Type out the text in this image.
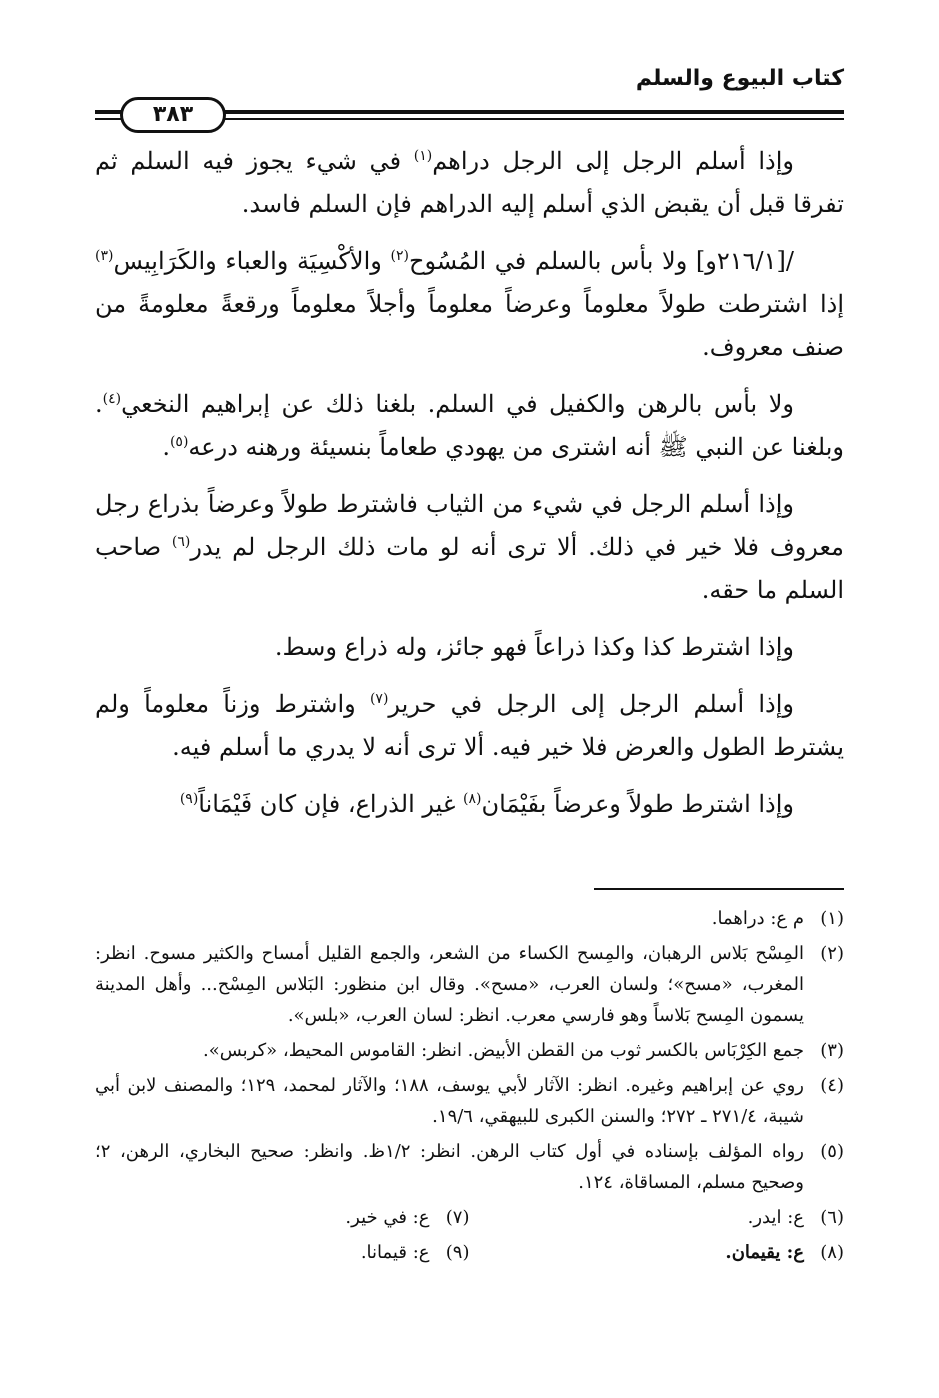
كتاب البيوع والسلم
٣٨٣

وإذا أسلم الرجل إلى الرجل دراهم$^{(١)}$ في شيء يجوز فيه السلم ثم تفرقا قبل أن يقبض الذي أسلم إليه الدراهم فإن السلم فاسد.

/[٢١٦/١و] ولا بأس بالسلم في المُسُوح$^{(٢)}$ والأكْسِيَة والعباء والكَرَابِيس$^{(٣)}$ إذا اشترطت طولاً معلوماً وعرضاً معلوماً وأجلاً معلوماً ورقعةً معلومةً من صنف معروف.

ولا بأس بالرهن والكفيل في السلم. بلغنا ذلك عن إبراهيم النخعي$^{(٤)}$. وبلغنا عن النبي ﷺ أنه اشترى من يهودي طعاماً بنسيئة ورهنه درعه$^{(٥)}$.

وإذا أسلم الرجل في شيء من الثياب فاشترط طولاً وعرضاً بذراع رجل معروف فلا خير في ذلك. ألا ترى أنه لو مات ذلك الرجل لم يدر$^{(٦)}$ صاحب السلم ما حقه.

وإذا اشترط كذا وكذا ذراعاً فهو جائز، وله ذراع وسط.

وإذا أسلم الرجل إلى الرجل في حرير$^{(٧)}$ واشترط وزناً معلوماً ولم يشترط الطول والعرض فلا خير فيه. ألا ترى أنه لا يدري ما أسلم فيه.

وإذا اشترط طولاً وعرضاً بفَيْمَان$^{(٨)}$ غير الذراع، فإن كان فَيْمَاناً$^{(٩)}$

(١)
م ع: دراهما.
(٢)
المِسْح بَلاس الرهبان، والمِسح الكساء من الشعر، والجمع القليل أمساح والكثير مسوح. انظر: المغرب، «مسح»؛ ولسان العرب، «مسح». وقال ابن منظور: البَلاس المِسْح... وأهل المدينة يسمون المِسح بَلاساً وهو فارسي معرب. انظر: لسان العرب، «بلس».
(٣)
جمع الكِرْبَاس بالكسر ثوب من القطن الأبيض. انظر: القاموس المحيط، «كربس».
(٤)
روي عن إبراهيم وغيره. انظر: الآثار لأبي يوسف، ١٨٨؛ والآثار لمحمد، ١٢٩؛ والمصنف لابن أبي شيبة، ٢٧١/٤ ـ ٢٧٢؛ والسنن الكبرى للبيهقي، ١٩/٦.
(٥)
رواه المؤلف بإسناده في أول كتاب الرهن. انظر: ١/٢ظ. وانظر: صحيح البخاري، الرهن، ٢؛ وصحيح مسلم، المساقاة، ١٢٤.
(٦)
ع: ايدر.
(٧)
ع: في خير.
(٨)
ع: يقيمان.
(٩)
ع: قيمانا.
